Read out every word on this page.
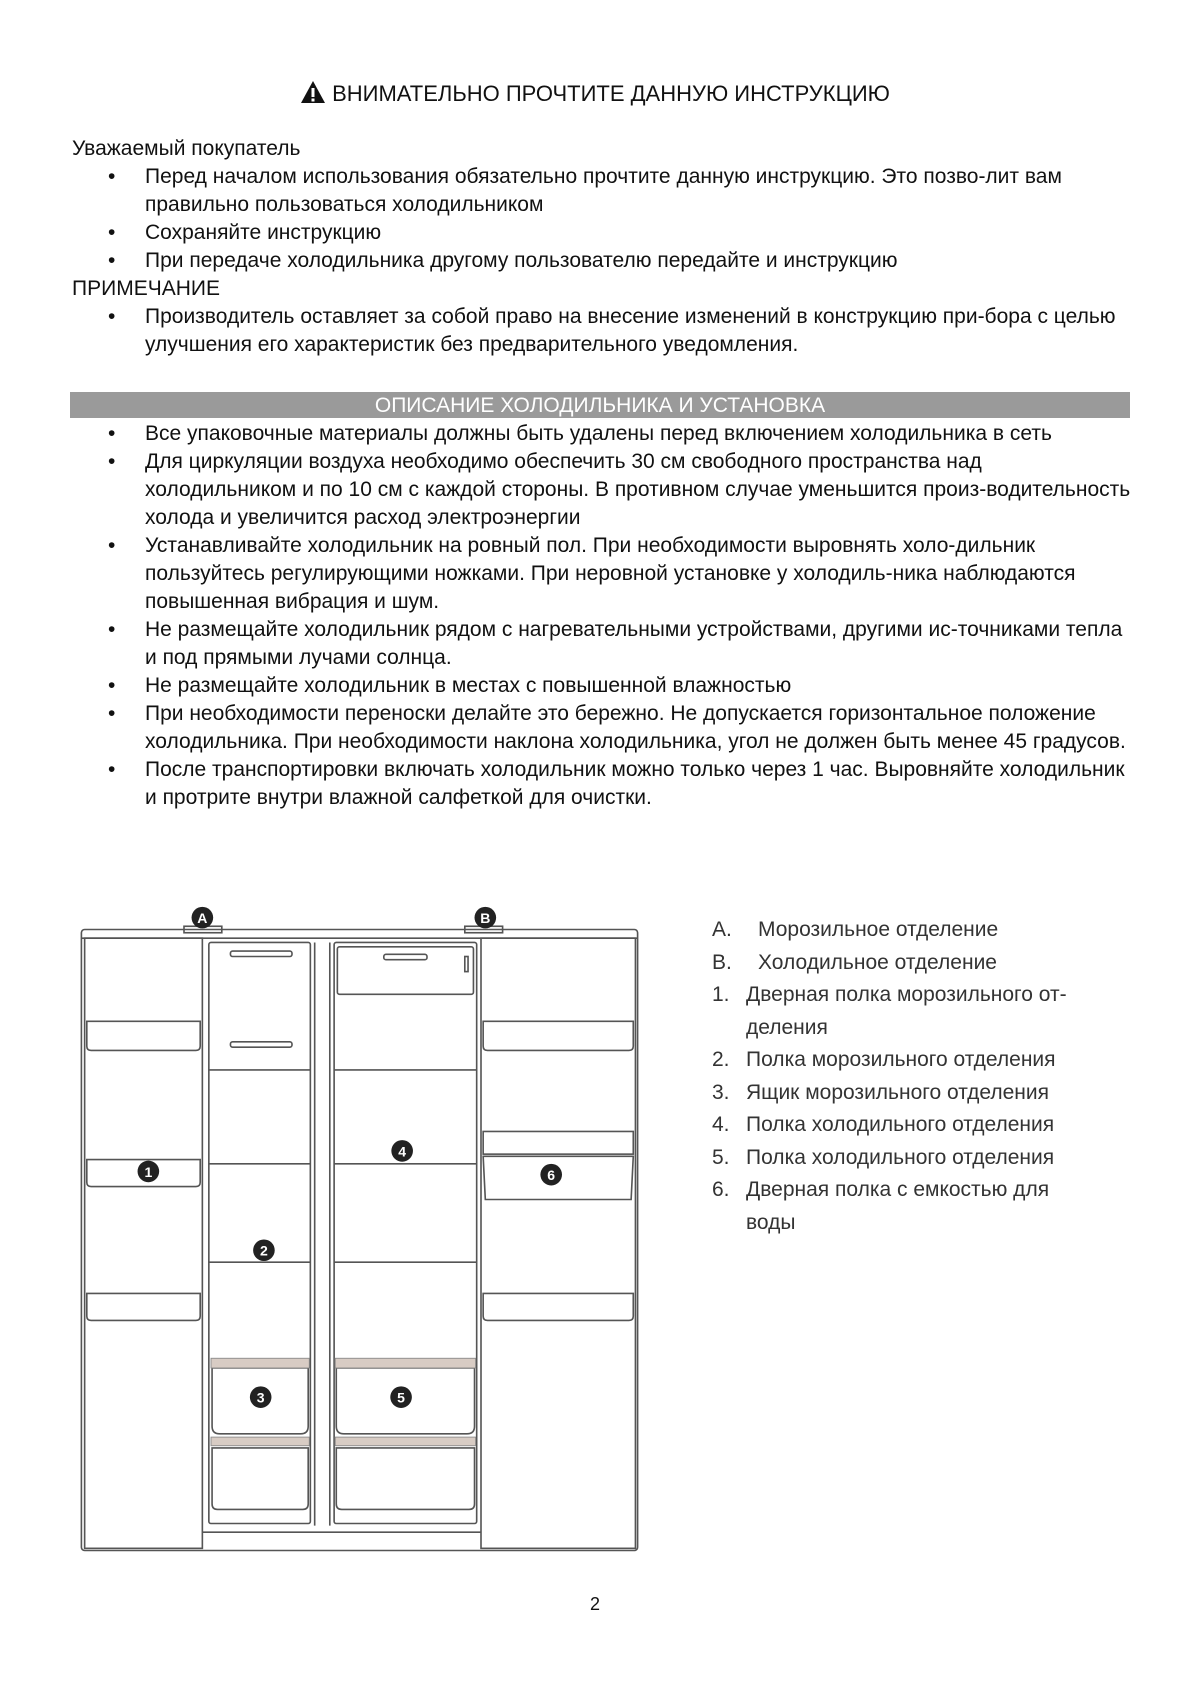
ВНИМАТЕЛЬНО ПРОЧТИТЕ ДАННУЮ ИНСТРУКЦИЮ

Уважаемый покупатель

• Перед началом использования обязательно прочтите данную инструкцию. Это позво-лит вам правильно пользоваться холодильником
• Сохраняйте инструкцию
• При передаче холодильника другому пользователю передайте и инструкцию

ПРИМЕЧАНИЕ

• Производитель оставляет за собой право на внесение изменений в конструкцию при-бора с целью улучшения его характеристик без предварительного уведомления.
ОПИСАНИЕ ХОЛОДИЛЬНИКА И УСТАНОВКА
• Все упаковочные материалы должны быть удалены перед включением холодильника в сеть
• Для циркуляции воздуха необходимо обеспечить 30 см свободного пространства над холодильником и по 10 см с каждой стороны. В противном случае уменьшится произ-водительность холода и увеличится расход электроэнергии
• Устанавливайте холодильник на ровный пол. При необходимости выровнять холо-дильник пользуйтесь регулирующими ножками. При неровной установке у холодиль-ника наблюдаются повышенная вибрация и шум.
• Не размещайте холодильник рядом с нагревательными устройствами, другими ис-точниками тепла и под прямыми лучами солнца.
• Не размещайте холодильник в местах с повышенной влажностью
• При необходимости переноски делайте это бережно. Не допускается горизонтальное положение холодильника. При необходимости наклона холодильника, угол не должен быть менее 45 градусов.
• После транспортировки включать холодильник можно только через 1 час. Выровняйте холодильник и протрите внутри влажной салфеткой для очистки.
A	B
1
2
3
4
5
6
A.	Морозильное отделение
B.	Холодильное отделение
1. Дверная полка морозильного от-деления
2. Полка морозильного отделения
3. Ящик морозильного отделения
4. Полка холодильного отделения
5. Полка холодильного отделения
6. Дверная полка с емкостью для воды
2
